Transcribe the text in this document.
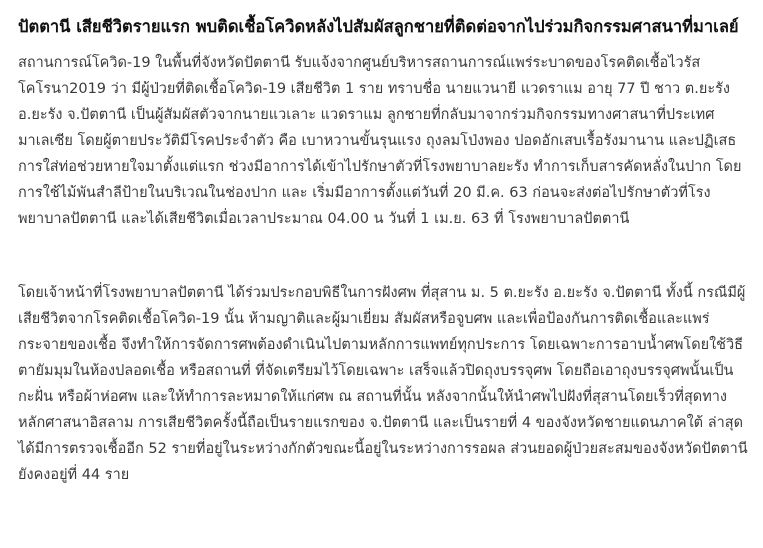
ปัตตานี เสียชีวิตรายแรก พบติดเชื้อโควิดหลังไปสัมผัสลูกชายที่ติดต่อจากไปร่วมกิจกรรมศาสนาที่มาเลย์

สถานการณ์โควิด-19 ในพื้นที่จังหวัดปัตตานี รับแจ้งจากศูนย์บริหารสถานการณ์แพร่ระบาดของโรคติดเชื้อไวรัสโคโรนา2019 ว่า มีผู้ป่วยที่ติดเชื้อโควิด-19 เสียชีวิต 1 ราย ทราบชื่อ นายแวนายี แวดราแม อายุ 77 ปี ชาว ต.ยะรัง อ.ยะรัง จ.ปัตตานี เป็นผู้สัมผัสตัวจากนายแวเลาะ แวดราแม ลูกชายที่กลับมาจากร่วมกิจกรรมทางศาสนาที่ประเทศมาเลเซีย โดยผู้ตายประวัติมีโรคประจำตัว คือ เบาหวานขั้นรุนแรง ถุงลมโป่งพอง ปอดอักเสบเรื้อรังมานาน และปฏิเสธการใส่ท่อช่วยหายใจมาตั้งแต่แรก ช่วงมีอาการได้เข้าไปรักษาตัวที่โรงพยาบาลยะรัง ทำการเก็บสารคัดหลั่งในปาก โดยการใช้ไม้พันสำลีป้ายในบริเวณในช่องปาก และ เริ่มมีอาการตั้งแต่วันที่ 20 มี.ค. 63 ก่อนจะส่งต่อไปรักษาตัวที่โรงพยาบาลปัตตานี และได้เสียชีวิตเมื่อเวลาประมาณ 04.00 น วันที่ 1 เม.ย. 63 ที่ โรงพยาบาลปัตตานี

โดยเจ้าหน้าที่โรงพยาบาลปัตตานี ได้ร่วมประกอบพิธีในการฝังศพ ที่สุสาน ม. 5 ต.ยะรัง อ.ยะรัง จ.ปัตตานี ทั้งนี้ กรณีมีผู้เสียชีวิตจากโรคติดเชื้อโควิด-19 นั้น ห้ามญาติและผู้มาเยี่ยม สัมผัสหรือจูบศพ และเพื่อป้องกันการติดเชื้อและแพร่กระจายของเชื้อ จึงทำให้การจัดการศพต้องดำเนินไปตามหลักการแพทย์ทุกประการ โดยเฉพาะการอาบน้ำศพโดยใช้วิธีตายัมมุมในห้องปลอดเชื้อ หรือสถานที่ ที่จัดเตรียมไว้โดยเฉพาะ เสร็จแล้วปิดถุงบรรจุศพ โดยถือเอาถุงบรรจุศพนั้นเป็นกะฝั่น หรือผ้าห่อศพ และให้ทำการละหมาดให้แก่ศพ ณ สถานที่นั้น หลังจากนั้นให้นำศพไปฝังที่สุสานโดยเร็วที่สุดทางหลักศาสนาอิสลาม การเสียชีวิตครั้งนี้ถือเป็นรายแรกของ จ.ปัตตานี และเป็นรายที่ 4 ของจังหวัดชายแดนภาคใต้ ล่าสุดได้มีการตรวจเชื้ออีก 52 รายที่อยู่ในระหว่างกักตัวขณะนี้อยู่ในระหว่างการรอผล ส่วนยอดผู้ป่วยสะสมของจังหวัดปัตตานียังคงอยู่ที่ 44 ราย
